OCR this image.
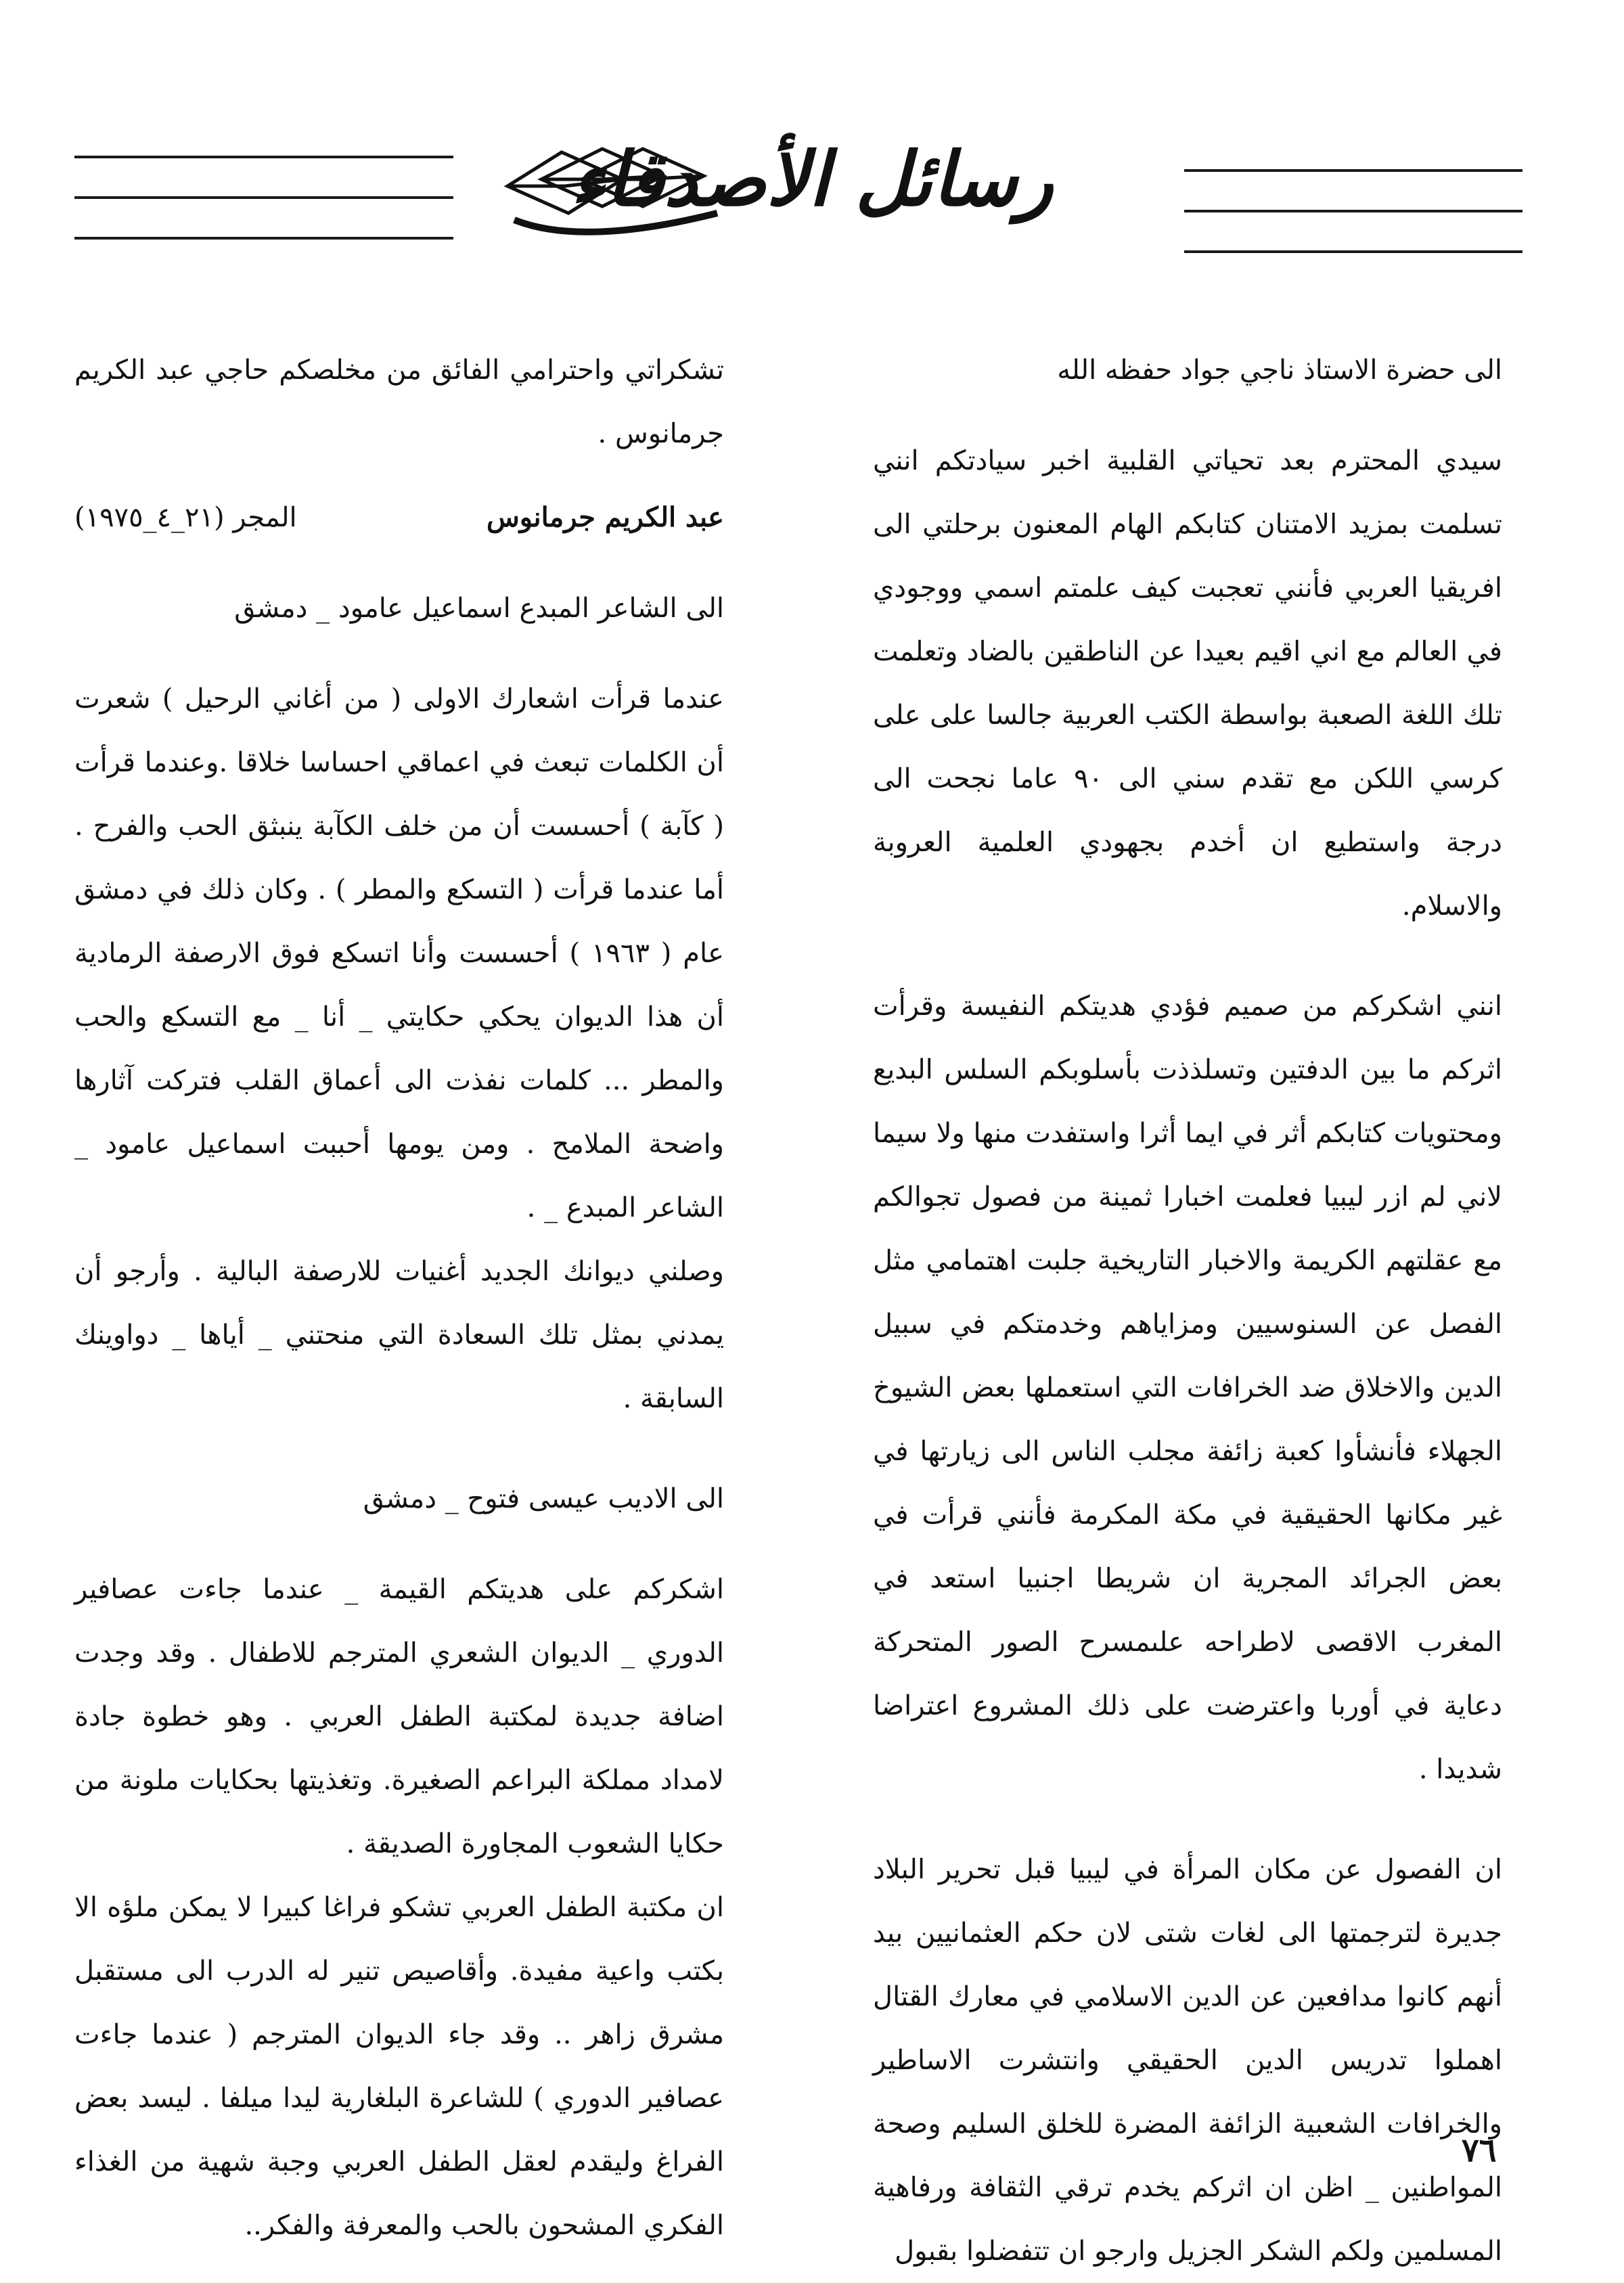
رسائل الأصدقاء

الى حضرة الاستاذ ناجي جواد حفظه الله

سيدي المحترم بعد تحياتي القلبية اخبر سيادتكم انني تسلمت بمزيد الامتنان كتابكم الهام المعنون برحلتي الى افريقيا العربي فأنني تعجبت كيف علمتم اسمي ووجودي في العالم مع اني اقيم بعيدا عن الناطقين بالضاد وتعلمت تلك اللغة الصعبة بواسطة الكتب العربية جالسا على على كرسي اللكن مع تقدم سني الى ٩٠ عاما نجحت الى درجة واستطيع ان أخدم بجهودي العلمية العروبة والاسلام.

انني اشكركم من صميم فؤدي هديتكم النفيسة وقرأت اثركم ما بين الدفتين وتسلذذت بأسلوبكم السلس البديع ومحتويات كتابكم أثر في ايما أثرا واستفدت منها ولا سيما لاني لم ازر ليبيا فعلمت اخبارا ثمينة من فصول تجوالكم مع عقلتهم الكريمة والاخبار التاريخية جلبت اهتمامي مثل الفصل عن السنوسيين ومزاياهم وخدمتكم في سبيل الدين والاخلاق ضد الخرافات التي استعملها بعض الشيوخ الجهلاء فأنشأوا كعبة زائفة مجلب الناس الى زيارتها في غير مكانها الحقيقية في مكة المكرمة فأنني قرأت في بعض الجرائد المجرية ان شريطا اجنبيا استعد في المغرب الاقصى لاطراحه علىمسرح الصور المتحركة دعاية في أوربا واعترضت على ذلك المشروع اعتراضا شديدا .

ان الفصول عن مكان المرأة في ليبيا قبل تحرير البلاد جديرة لترجمتها الى لغات شتى لان حكم العثمانيين بيد أنهم كانوا مدافعين عن الدين الاسلامي في معارك القتال اهملوا تدريس الدين الحقيقي وانتشرت الاساطير والخرافات الشعبية الزائفة المضرة للخلق السليم وصحة المواطنين _ اظن ان اثركم يخدم ترقي الثقافة ورفاهية المسلمين ولكم الشكر الجزيل وارجو ان تتفضلوا بقبول

تشكراتي واحترامي الفائق من مخلصكم حاجي عبد الكريم جرمانوس .

عبد الكريم جرمانوس
المجر (٢١_٤_١٩٧٥)

الى الشاعر المبدع اسماعيل عامود _ دمشق

عندما قرأت اشعارك الاولى ( من أغاني الرحيل ) شعرت أن الكلمات تبعث في اعماقي احساسا خلاقا .وعندما قرأت ( كآبة ) أحسست أن من خلف الكآبة ينبثق الحب والفرح . أما عندما قرأت ( التسكع والمطر ) . وكان ذلك في دمشق عام ( ١٩٦٣ ) أحسست وأنا اتسكع فوق الارصفة الرمادية أن هذا الديوان يحكي حكايتي _ أنا _ مع التسكع والحب والمطر ... كلمات نفذت الى أعماق القلب فتركت آثارها واضحة الملامح . ومن يومها أحببت اسماعيل عامود _ الشاعر المبدع _ .

وصلني ديوانك الجديد أغنيات للارصفة البالية . وأرجو أن يمدني بمثل تلك السعادة التي منحتني _ أياها _ دواوينك السابقة .

الى الاديب عيسى فتوح _ دمشق

اشكركم على هديتكم القيمة _ عندما جاءت عصافير الدوري _ الديوان الشعري المترجم للاطفال . وقد وجدت اضافة جديدة لمكتبة الطفل العربي . وهو خطوة جادة لامداد مملكة البراعم الصغيرة. وتغذيتها بحكايات ملونة من حكايا الشعوب المجاورة الصديقة .

ان مكتبة الطفل العربي تشكو فراغا كبيرا لا يمكن ملؤه الا بكتب واعية مفيدة. وأقاصيص تنير له الدرب الى مستقبل مشرق زاهر .. وقد جاء الديوان المترجم ( عندما جاءت عصافير الدوري ) للشاعرة البلغارية ليدا ميلفا . ليسد بعض الفراغ وليقدم لعقل الطفل العربي وجبة شهية من الغذاء الفكري المشحون بالحب والمعرفة والفكر..

٧٦
